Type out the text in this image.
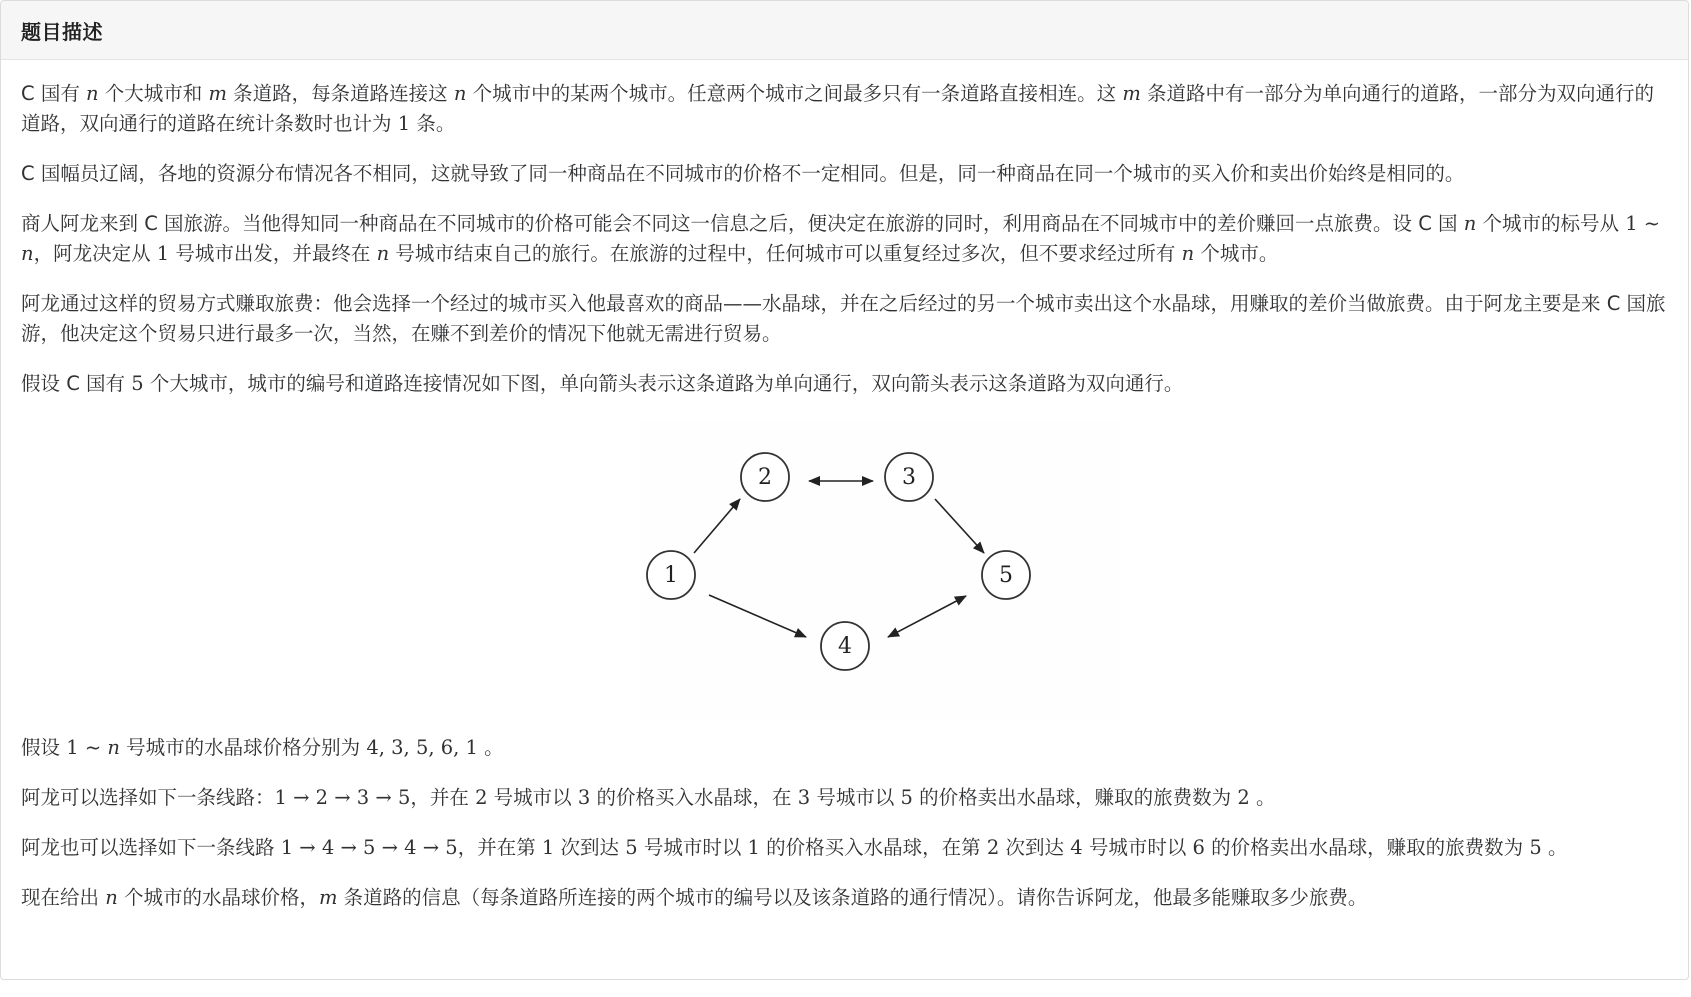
题目描述

C 国有 n 个大城市和 m 条道路，每条道路连接这 n 个城市中的某两个城市。任意两个城市之间最多只有一条道路直接相连。这 m 条道路中有一部分为单向通行的道路，一部分为双向通行的道路，双向通行的道路在统计条数时也计为 1 条。

C 国幅员辽阔，各地的资源分布情况各不相同，这就导致了同一种商品在不同城市的价格不一定相同。但是，同一种商品在同一个城市的买入价和卖出价始终是相同的。

商人阿龙来到 C 国旅游。当他得知同一种商品在不同城市的价格可能会不同这一信息之后，便决定在旅游的同时，利用商品在不同城市中的差价赚回一点旅费。设 C 国 n 个城市的标号从 1 ∼ n，阿龙决定从 1 号城市出发，并最终在 n 号城市结束自己的旅行。在旅游的过程中，任何城市可以重复经过多次，但不要求经过所有 n 个城市。

阿龙通过这样的贸易方式赚取旅费：他会选择一个经过的城市买入他最喜欢的商品——水晶球，并在之后经过的另一个城市卖出这个水晶球，用赚取的差价当做旅费。由于阿龙主要是来 C 国旅游，他决定这个贸易只进行最多一次，当然，在赚不到差价的情况下他就无需进行贸易。

假设 C 国有 5 个大城市，城市的编号和道路连接情况如下图，单向箭头表示这条道路为单向通行，双向箭头表示这条道路为双向通行。

1
2	3
4
5

假设 1 ~ n 号城市的水晶球价格分别为 4, 3, 5, 6, 1 。

阿龙可以选择如下一条线路：1 → 2 → 3 → 5，并在 2 号城市以 3 的价格买入水晶球，在 3 号城市以 5 的价格卖出水晶球，赚取的旅费数为 2 。

阿龙也可以选择如下一条线路 1 → 4 → 5 → 4 → 5，并在第 1 次到达 5 号城市时以 1 的价格买入水晶球，在第 2 次到达 4 号城市时以 6 的价格卖出水晶球，赚取的旅费数为 5 。

现在给出 n 个城市的水晶球价格，m 条道路的信息（每条道路所连接的两个城市的编号以及该条道路的通行情况）。请你告诉阿龙，他最多能赚取多少旅费。
